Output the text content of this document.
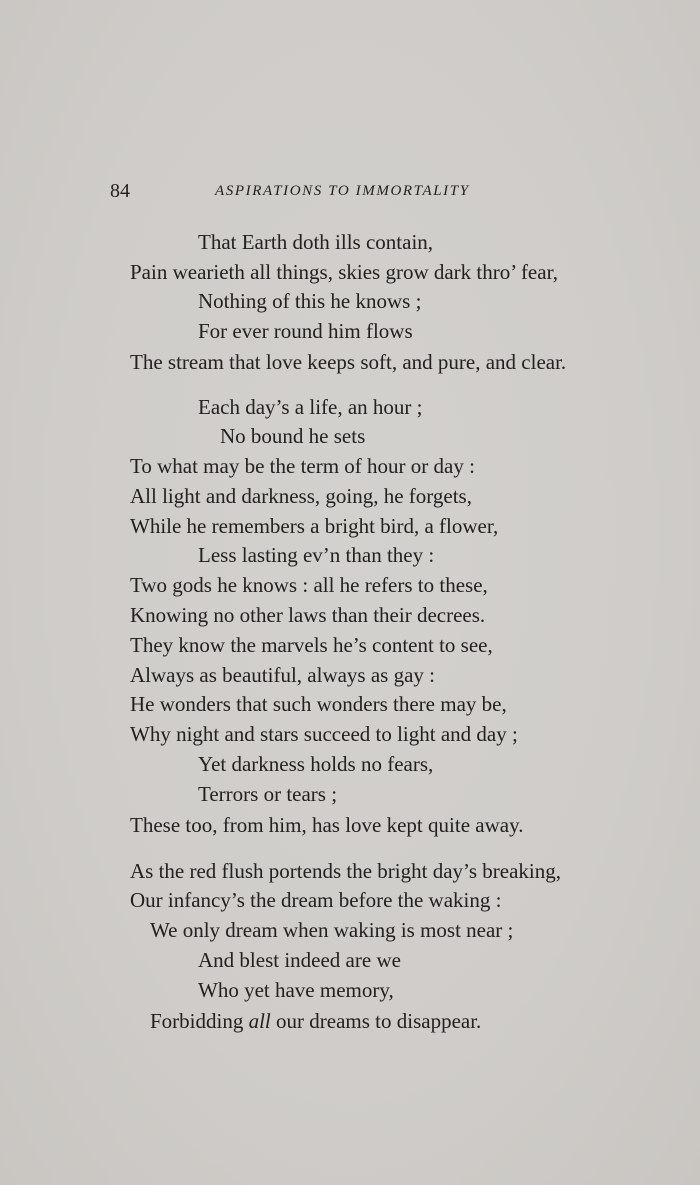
84	ASPIRATIONS TO IMMORTALITY
That Earth doth ills contain,
Pain wearieth all things, skies grow dark thro’ fear,
Nothing of this he knows ;
For ever round him flows
The stream that love keeps soft, and pure, and clear.
Each day’s a life, an hour ;
No bound he sets
To what may be the term of hour or day :
All light and darkness, going, he forgets,
While he remembers a bright bird, a flower,
Less lasting ev’n than they :
Two gods he knows : all he refers to these,
Knowing no other laws than their decrees.
They know the marvels he’s content to see,
Always as beautiful, always as gay :
He wonders that such wonders there may be,
Why night and stars succeed to light and day ;
Yet darkness holds no fears,
Terrors or tears ;
These too, from him, has love kept quite away.
As the red flush portends the bright day’s breaking,
Our infancy’s the dream before the waking :
We only dream when waking is most near ;
And blest indeed are we
Who yet have memory,
Forbidding all our dreams to disappear.
